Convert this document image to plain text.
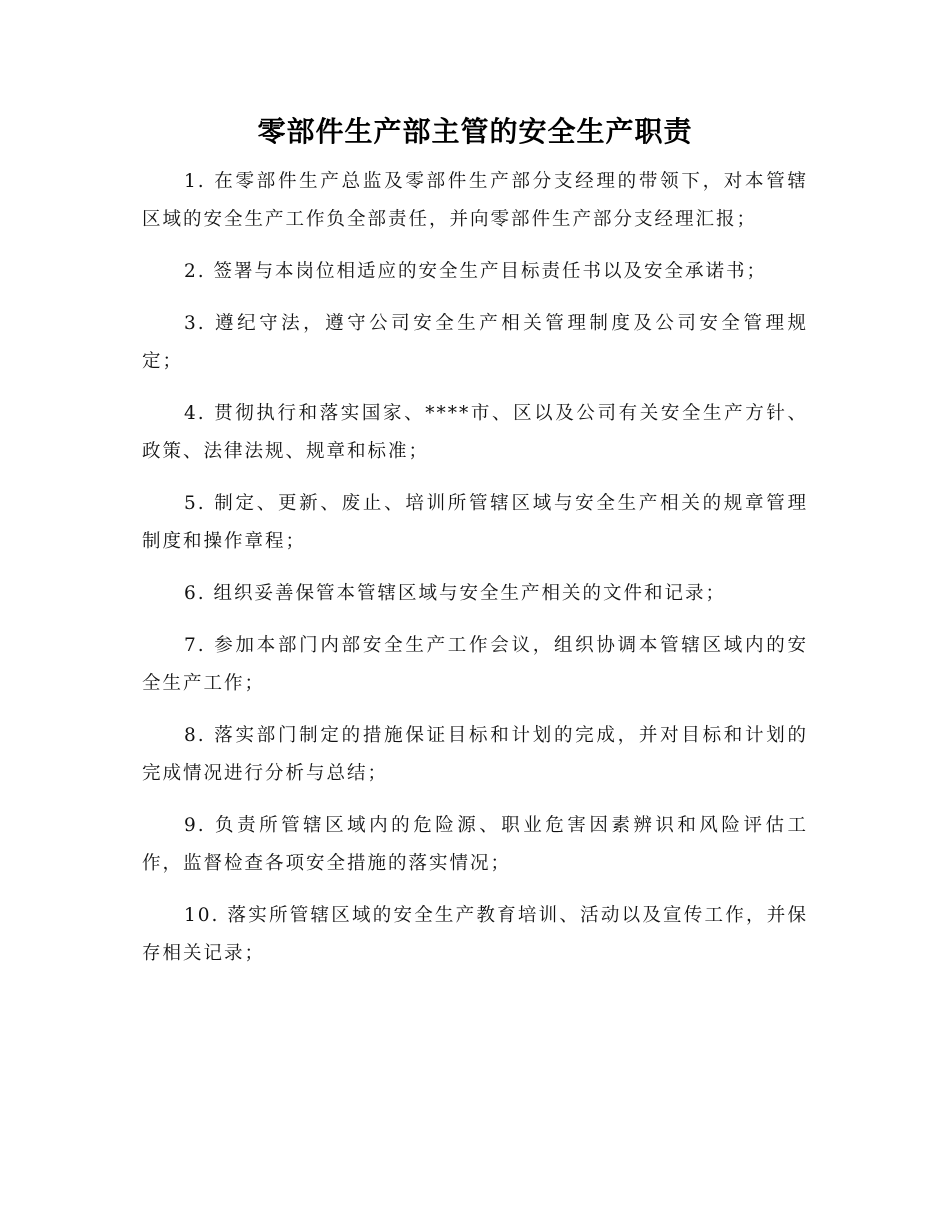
零部件生产部主管的安全生产职责

1. 在零部件生产总监及零部件生产部分支经理的带领下，对本管辖区域的安全生产工作负全部责任，并向零部件生产部分支经理汇报；

2. 签署与本岗位相适应的安全生产目标责任书以及安全承诺书；

3. 遵纪守法，遵守公司安全生产相关管理制度及公司安全管理规定；

4. 贯彻执行和落实国家、****市、区以及公司有关安全生产方针、政策、法律法规、规章和标准；

5. 制定、更新、废止、培训所管辖区域与安全生产相关的规章管理制度和操作章程；

6. 组织妥善保管本管辖区域与安全生产相关的文件和记录；

7. 参加本部门内部安全生产工作会议，组织协调本管辖区域内的安全生产工作；

8. 落实部门制定的措施保证目标和计划的完成，并对目标和计划的完成情况进行分析与总结；

9. 负责所管辖区域内的危险源、职业危害因素辨识和风险评估工作，监督检查各项安全措施的落实情况；

10. 落实所管辖区域的安全生产教育培训、活动以及宣传工作，并保存相关记录；
